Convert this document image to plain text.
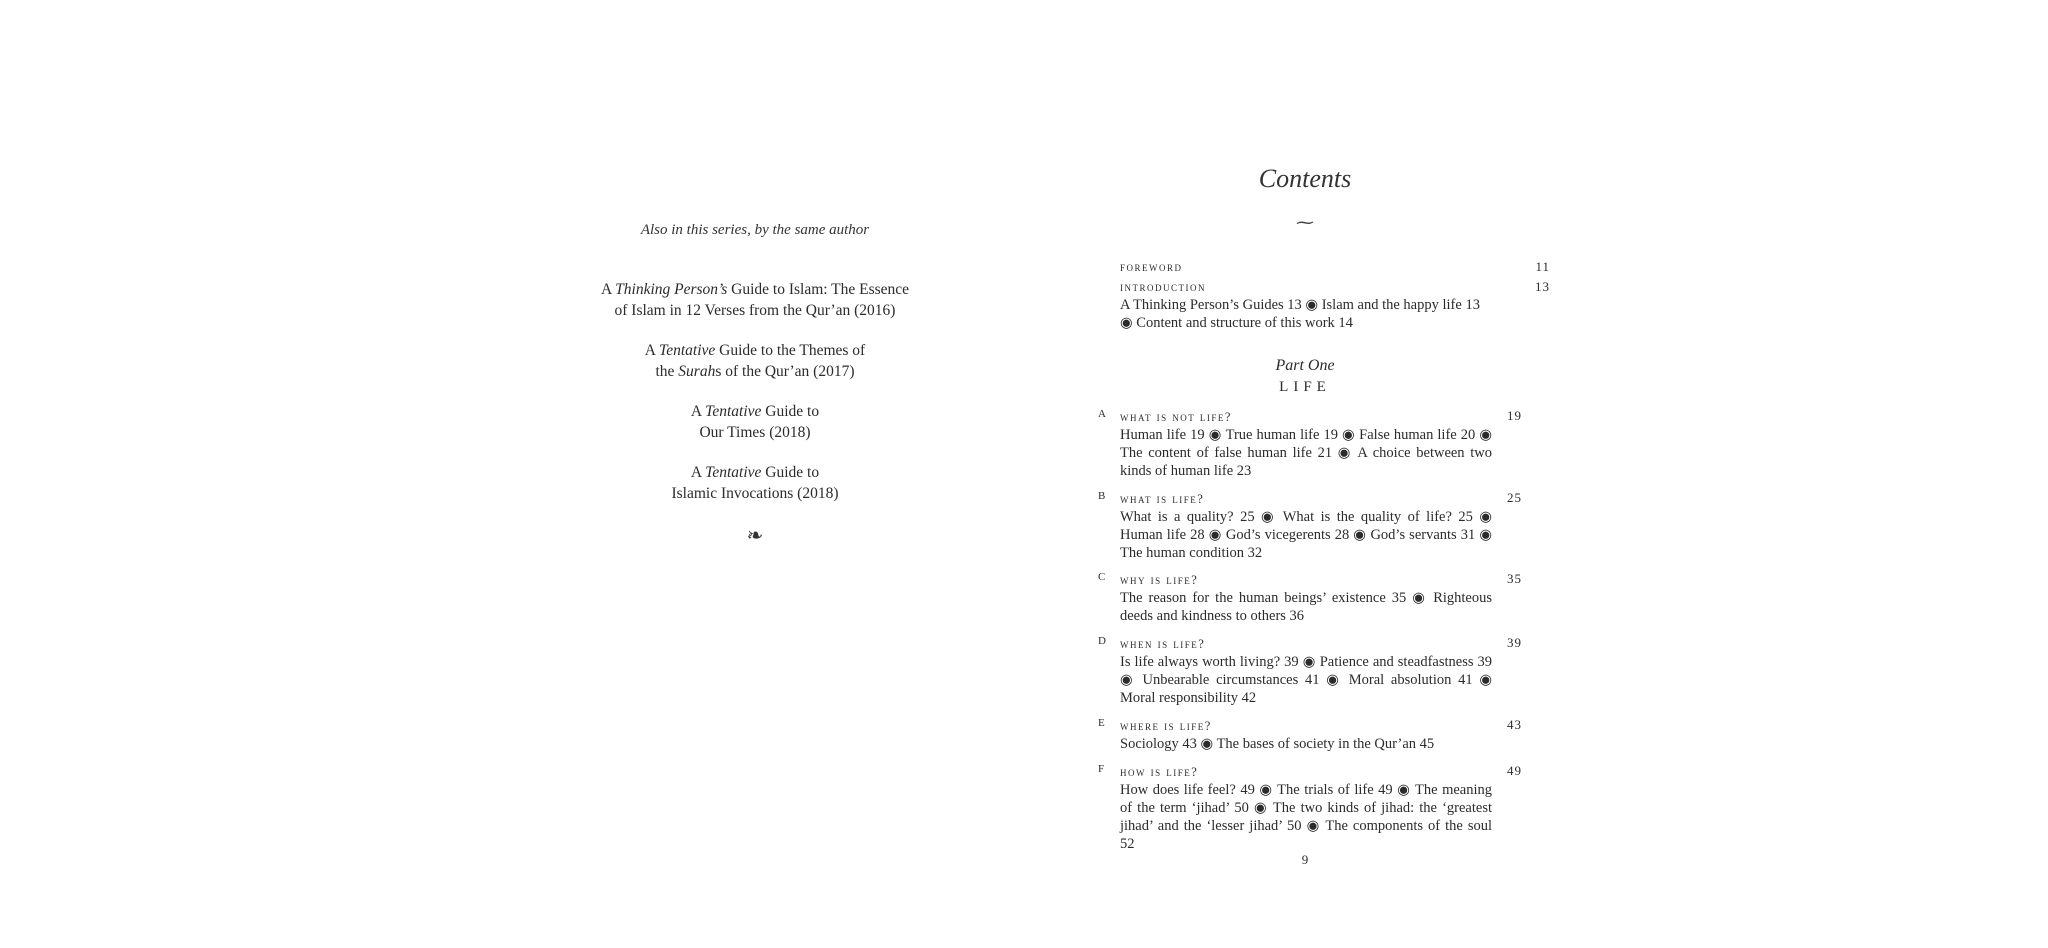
Also in this series, by the same author
A Thinking Person’s Guide to Islam: The Essence
of Islam in 12 Verses from the Qur’an (2016)
A Tentative Guide to the Themes of
the Surahs of the Qur’an (2017)
A Tentative Guide to
Our Times (2018)
A Tentative Guide to
Islamic Invocations (2018)
❧
Contents
⁓
foreword	11
introduction	13
A Thinking Person’s Guides 13 ◉ Islam and the happy life 13
◉ Content and structure of this work 14
Part One
LIFE
A what is not life?	19
Human life 19 ◉ True human life 19 ◉ False human life 20 ◉ The content of false human life 21 ◉ A choice between two kinds of human life 23
B what is life?	25
What is a quality? 25 ◉ What is the quality of life? 25 ◉ Human life 28 ◉ God’s vicegerents 28 ◉ God’s servants 31 ◉ The human condition 32
C why is life?	35
The reason for the human beings’ existence 35 ◉ Righteous deeds and kindness to others 36
D when is life?	39
Is life always worth living? 39 ◉ Patience and steadfastness 39 ◉ Unbearable circumstances 41 ◉ Moral absolution 41 ◉ Moral responsibility 42
E where is life?	43
Sociology 43 ◉ The bases of society in the Qur’an 45
F how is life?	49
How does life feel? 49 ◉ The trials of life 49 ◉ The meaning of the term ‘jihad’ 50 ◉ The two kinds of jihad: the ‘greatest jihad’ and the ‘lesser jihad’ 50 ◉ The components of the soul 52
9
